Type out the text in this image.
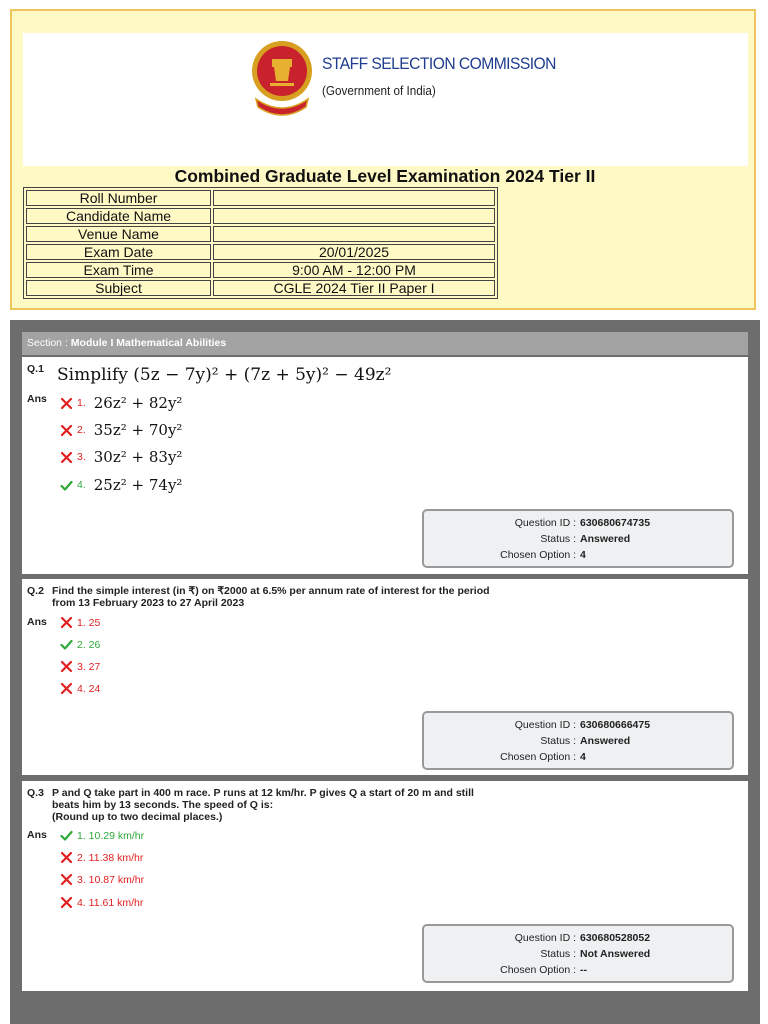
STAFF SELECTION COMMISSION
(Government of India)
Combined Graduate Level Examination 2024 Tier II
Roll Number	
Candidate Name	
Venue Name	
Exam Date	20/01/2025
Exam Time	9:00 AM - 12:00 PM
Subject	CGLE 2024 Tier II Paper I
Section : Module I Mathematical Abilities
Q.1 Simplify (5z − 7y)² + (7z + 5y)² − 49z²
Ans	1. 26z² + 82y²
2. 35z² + 70y²
3. 30z² + 83y²
4. 25z² + 74y²
Question ID : 630680674735
Status : Answered
Chosen Option : 4
Q.2 Find the simple interest (in ₹) on ₹2000 at 6.5% per annum rate of interest for the period
from 13 February 2023 to 27 April 2023
Ans	1. 25
2. 26
3. 27
4. 24
Question ID : 630680666475
Status : Answered
Chosen Option : 4
Q.3 P and Q take part in 400 m race. P runs at 12 km/hr. P gives Q a start of 20 m and still
beats him by 13 seconds. The speed of Q is:
(Round up to two decimal places.)
Ans	1. 10.29 km/hr
2. 11.38 km/hr
3. 10.87 km/hr
4. 11.61 km/hr
Question ID : 630680528052
Status : Not Answered
Chosen Option : --
